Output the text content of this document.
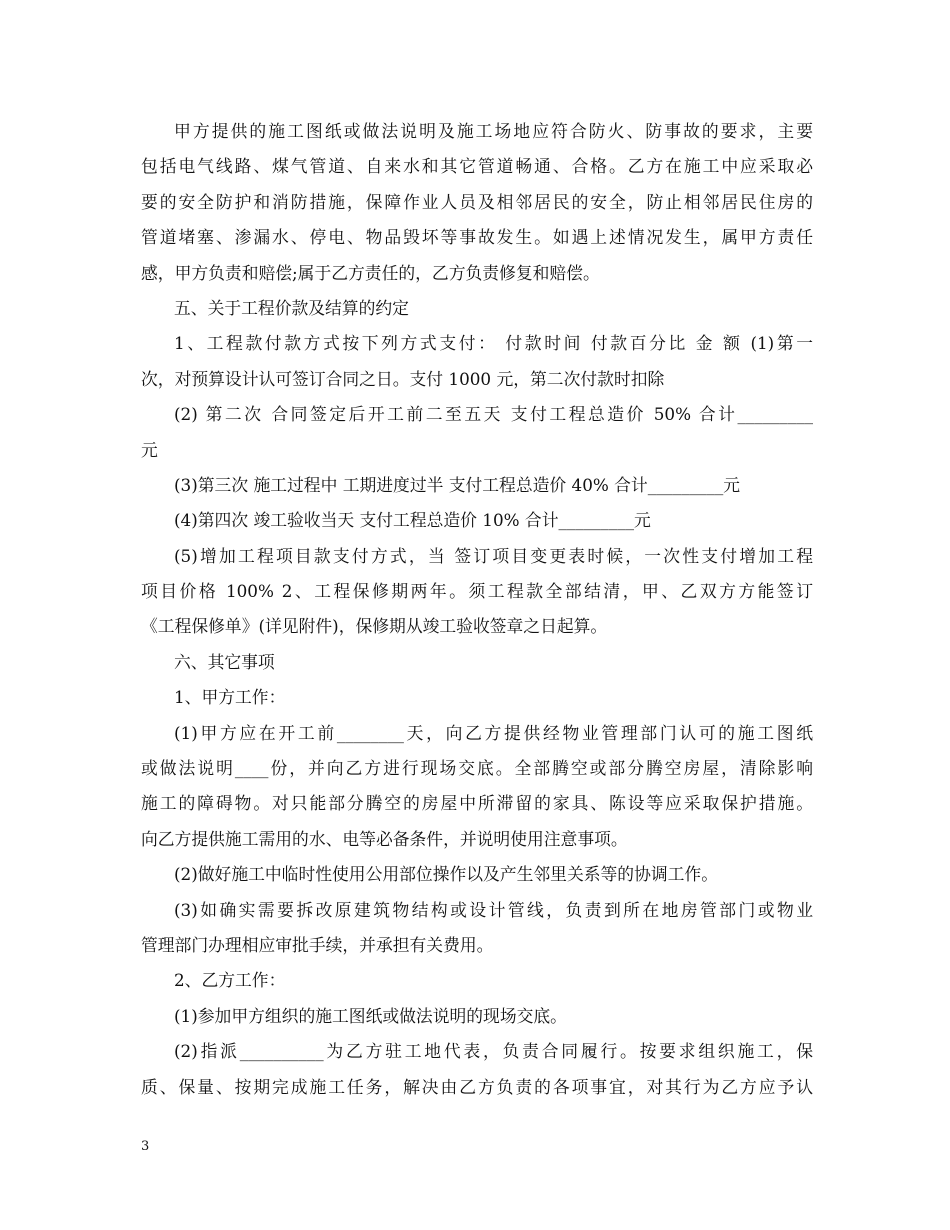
甲方提供的施工图纸或做法说明及施工场地应符合防火、防事故的要求，主要
包括电气线路、煤气管道、自来水和其它管道畅通、合格。乙方在施工中应采取必
要的安全防护和消防措施，保障作业人员及相邻居民的安全，防止相邻居民住房的
管道堵塞、渗漏水、停电、物品毁坏等事故发生。如遇上述情况发生，属甲方责任
感，甲方负责和赔偿;属于乙方责任的，乙方负责修复和赔偿。
五、关于工程价款及结算的约定
1、工程款付款方式按下列方式支付： 付款时间 付款百分比 金 额 (1)第一
次，对预算设计认可签订合同之日。支付 1000 元，第二次付款时扣除
(2) 第二次 合同签定后开工前二至五天 支付工程总造价 50% 合计_________
元
(3)第三次 施工过程中 工期进度过半 支付工程总造价 40% 合计_________元
(4)第四次 竣工验收当天 支付工程总造价 10% 合计_________元
(5)增加工程项目款支付方式，当 签订项目变更表时候，一次性支付增加工程
项目价格 100% 2、工程保修期两年。须工程款全部结清，甲、乙双方方能签订
《工程保修单》(详见附件)，保修期从竣工验收签章之日起算。
六、其它事项
1、甲方工作：
(1)甲方应在开工前________天，向乙方提供经物业管理部门认可的施工图纸
或做法说明____份，并向乙方进行现场交底。全部腾空或部分腾空房屋，清除影响
施工的障碍物。对只能部分腾空的房屋中所滞留的家具、陈设等应采取保护措施。
向乙方提供施工需用的水、电等必备条件，并说明使用注意事项。
(2)做好施工中临时性使用公用部位操作以及产生邻里关系等的协调工作。
(3)如确实需要拆改原建筑物结构或设计管线，负责到所在地房管部门或物业
管理部门办理相应审批手续，并承担有关费用。
2、乙方工作：
(1)参加甲方组织的施工图纸或做法说明的现场交底。
(2)指派__________为乙方驻工地代表，负责合同履行。按要求组织施工，保
质、保量、按期完成施工任务，解决由乙方负责的各项事宜，对其行为乙方应予认
3
